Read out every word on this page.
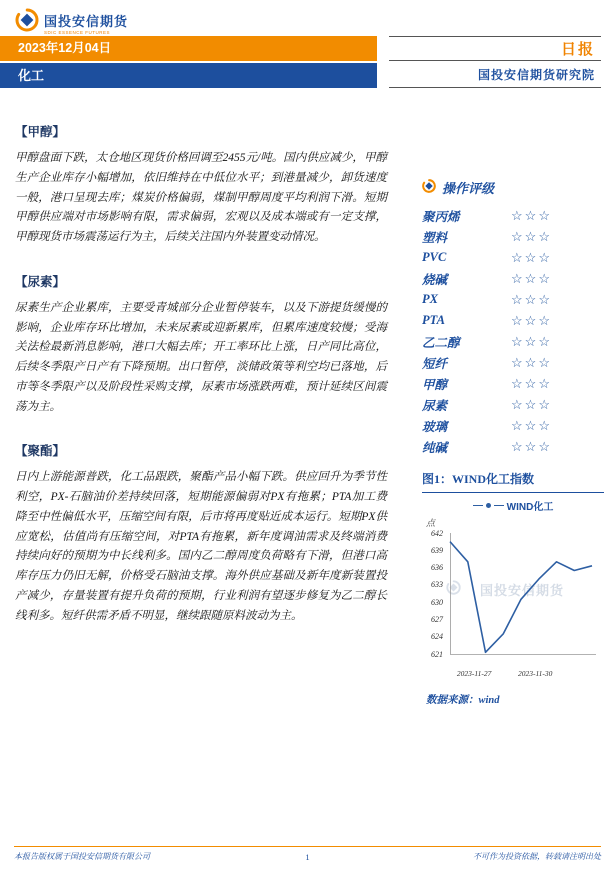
国投安信期货
SDIC ESSENCE FUTURES
2023年12月04日
化工
日报
国投安信期货研究院
【甲醇】
甲醇盘面下跌，太仓地区现货价格回调至2455元/吨。国内供应减少，甲醇生产企业库存小幅增加，依旧维持在中低位水平；到港量减少，卸货速度一般，港口呈现去库；煤炭价格偏弱，煤制甲醇周度平均利润下滑。短期甲醇供应端对市场影响有限，需求偏弱，宏观以及成本端或有一定支撑，甲醇现货市场震荡运行为主，后续关注国内外装置变动情况。
【尿素】
尿素生产企业累库，主要受青城部分企业暂停装车，以及下游提货缓慢的影响，企业库存环比增加，未来尿素或迎新累库，但累库速度较慢；受海关法检最新消息影响，港口大幅去库；开工率环比上涨，日产同比高位，后续冬季限产日产有下降预期。出口暂停，淡储政策等利空均已落地，后市等冬季限产以及阶段性采购支撑，尿素市场涨跌两难，预计延续区间震荡为主。
【聚酯】
日内上游能源普跌，化工品跟跌，聚酯产品小幅下跌。供应回升为季节性利空，PX-石脑油价差持续回落，短期能源偏弱对PX有拖累；PTA加工费降至中性偏低水平，压缩空间有限，后市将再度贴近成本运行。短期PX供应宽松，估值尚有压缩空间，对PTA有拖累，新年度调油需求及终端消费持续向好的预期为中长线利多。国内乙二醇周度负荷略有下滑，但港口高库存压力仍旧无解，价格受石脑油支撑。海外供应基础及新年度新装置投产减少，存量装置有提升负荷的预期，行业利润有望逐步修复为乙二醇长线利多。短纤供需矛盾不明显，继续跟随原料波动为主。
操作评级
聚丙烯	☆☆☆
塑料	☆☆☆
PVC	☆☆☆
烧碱	☆☆☆
PX	☆☆☆
PTA	☆☆☆
乙二醇	☆☆☆
短纤	☆☆☆
甲醇	☆☆☆
尿素	☆☆☆
玻璃	☆☆☆
纯碱	☆☆☆
图1：WIND化工指数
WIND化工
点
621
624
627
630
633
636
639
642
国投安信期货
2023-11-27	2023-11-30
数据来源：wind
本报告版权属于国投安信期货有限公司	1	不可作为投资依据，转载请注明出处
